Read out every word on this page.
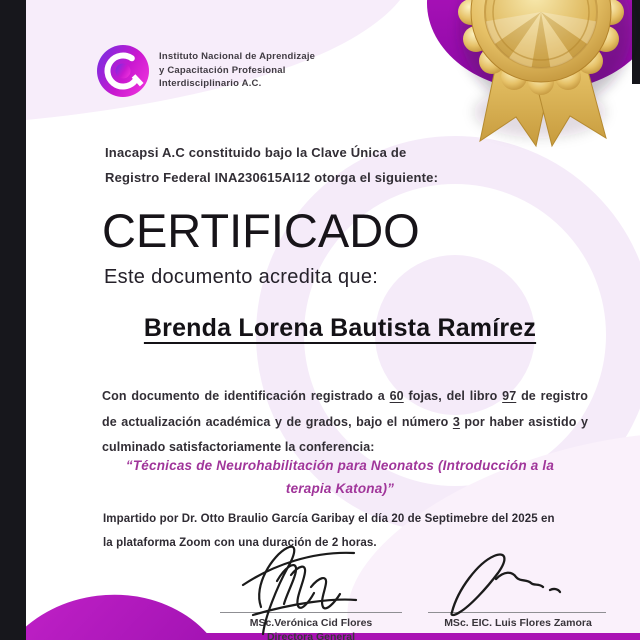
Instituto Nacional de Aprendizaje
y Capacitación Profesional
Interdisciplinario A.C.
Inacapsi A.C constituido bajo la Clave Única de
Registro Federal INA230615AI12 otorga el siguiente:
CERTIFICADO
Este documento acredita que:
Brenda Lorena Bautista Ramírez
Con documento de identificación registrado a 60 fojas, del libro 97 de registro de actualización académica y de grados, bajo el número 3 por haber asistido y culminado satisfactoriamente la conferencia:
“Técnicas de Neurohabilitación para Neonatos (Introducción a la
terapia Katona)”
Impartido por Dr. Otto Braulio García Garibay el día 20 de Septimebre del 2025 en
la plataforma Zoom con una duración de 2 horas.
MSc.Verónica Cid Flores
Directora General
MSc. EIC. Luis Flores Zamora
